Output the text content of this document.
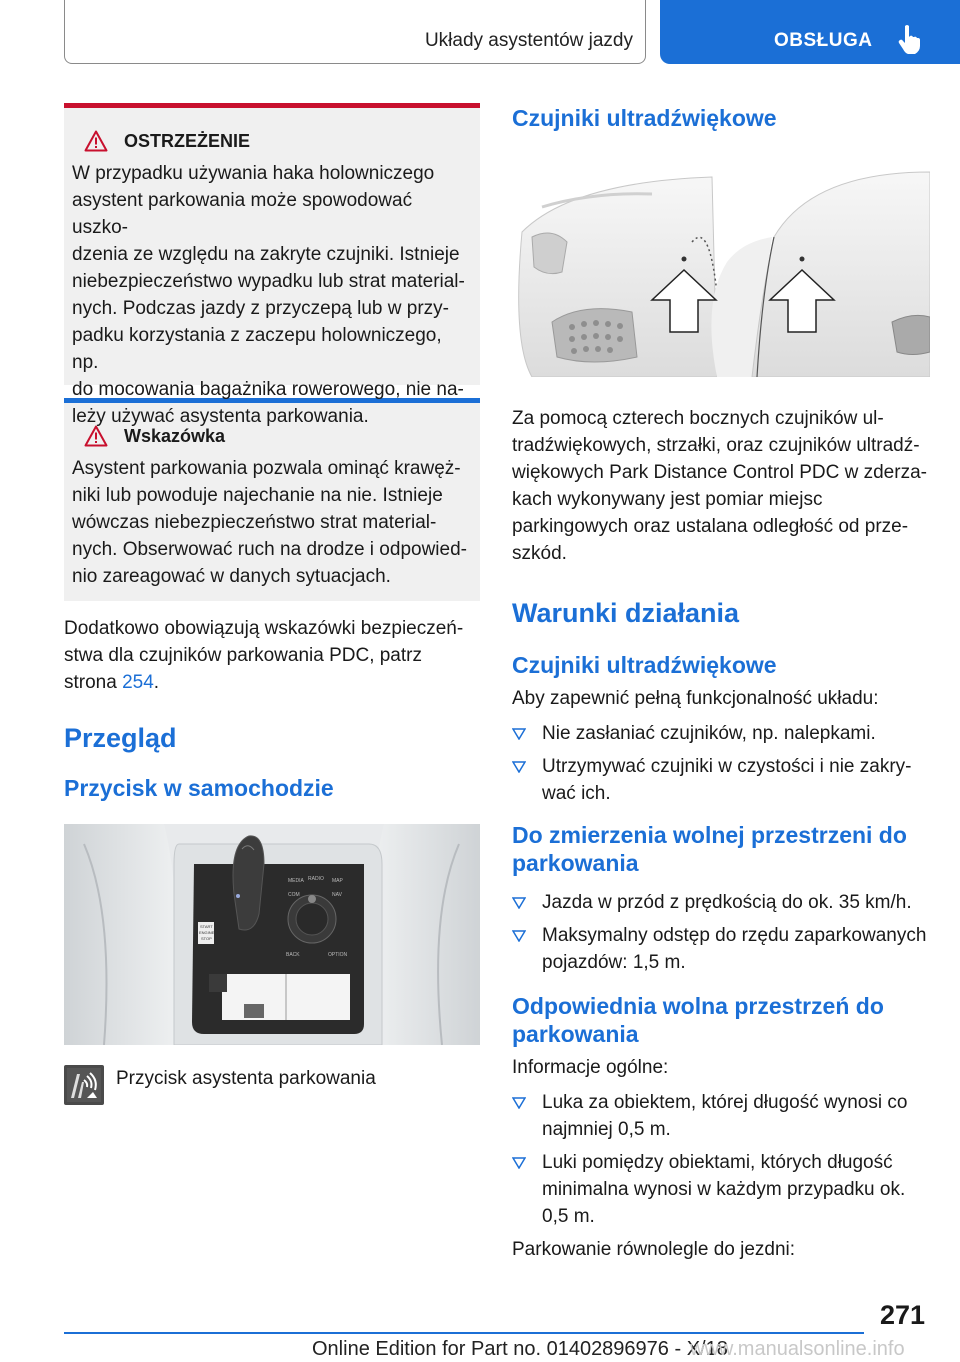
Układy asystentów jazdy	OBSŁUGA
OSTRZEŻENIE
W przypadku używania haka holowniczego
asystent parkowania może spowodować uszko-
dzenia ze względu na zakryte czujniki. Istnieje
niebezpieczeństwo wypadku lub strat material-
nych. Podczas jazdy z przyczepą lub w przy-
padku korzystania z zaczepu holowniczego, np.
do mocowania bagażnika rowerowego, nie na-
leży używać asystenta parkowania.
Wskazówka
Asystent parkowania pozwala ominąć krawęż-
niki lub powoduje najechanie na nie. Istnieje
wówczas niebezpieczeństwo strat material-
nych. Obserwować ruch na drodze i odpowied-
nio zareagować w danych sytuacjach.

Dodatkowo obowiązują wskazówki bezpieczeń-
stwa dla czujników parkowania PDC, patrz
strona 254.

Przegląd
Przycisk w samochodzie
MEDIA RADIO MAP
COM	NAV
BACK	OPTION
START
ENGINE
STOP
Przycisk asystenta parkowania
Czujniki ultradźwiękowe
Za pomocą czterech bocznych czujników ul-
tradźwiękowych, strzałki, oraz czujników ultradź-
więkowych Park Distance Control PDC w zderza-
kach wykonywany jest pomiar miejsc
parkingowych oraz ustalana odległość od prze-
szkód.
Warunki działania
Czujniki ultradźwiękowe

Aby zapewnić pełną funkcjonalność układu:

Nie zasłaniać czujników, np. nalepkami.
Utrzymywać czujniki w czystości i nie zakry-
wać ich.
Do zmierzenia wolnej przestrzeni do
parkowania
Jazda w przód z prędkością do ok. 35 km/h.
Maksymalny odstęp do rzędu zaparkowanych
pojazdów: 1,5 m.
Odpowiednia wolna przestrzeń do
parkowania

Informacje ogólne:

Luka za obiektem, której długość wynosi co
najmniej 0,5 m.
Luki pomiędzy obiektami, których długość
minimalna wynosi w każdym przypadku ok.
0,5 m.

Parkowanie równolegle do jezdni:

271
Online Edition for Part no. 01402896976 - X/18
www.manualsonline.info
